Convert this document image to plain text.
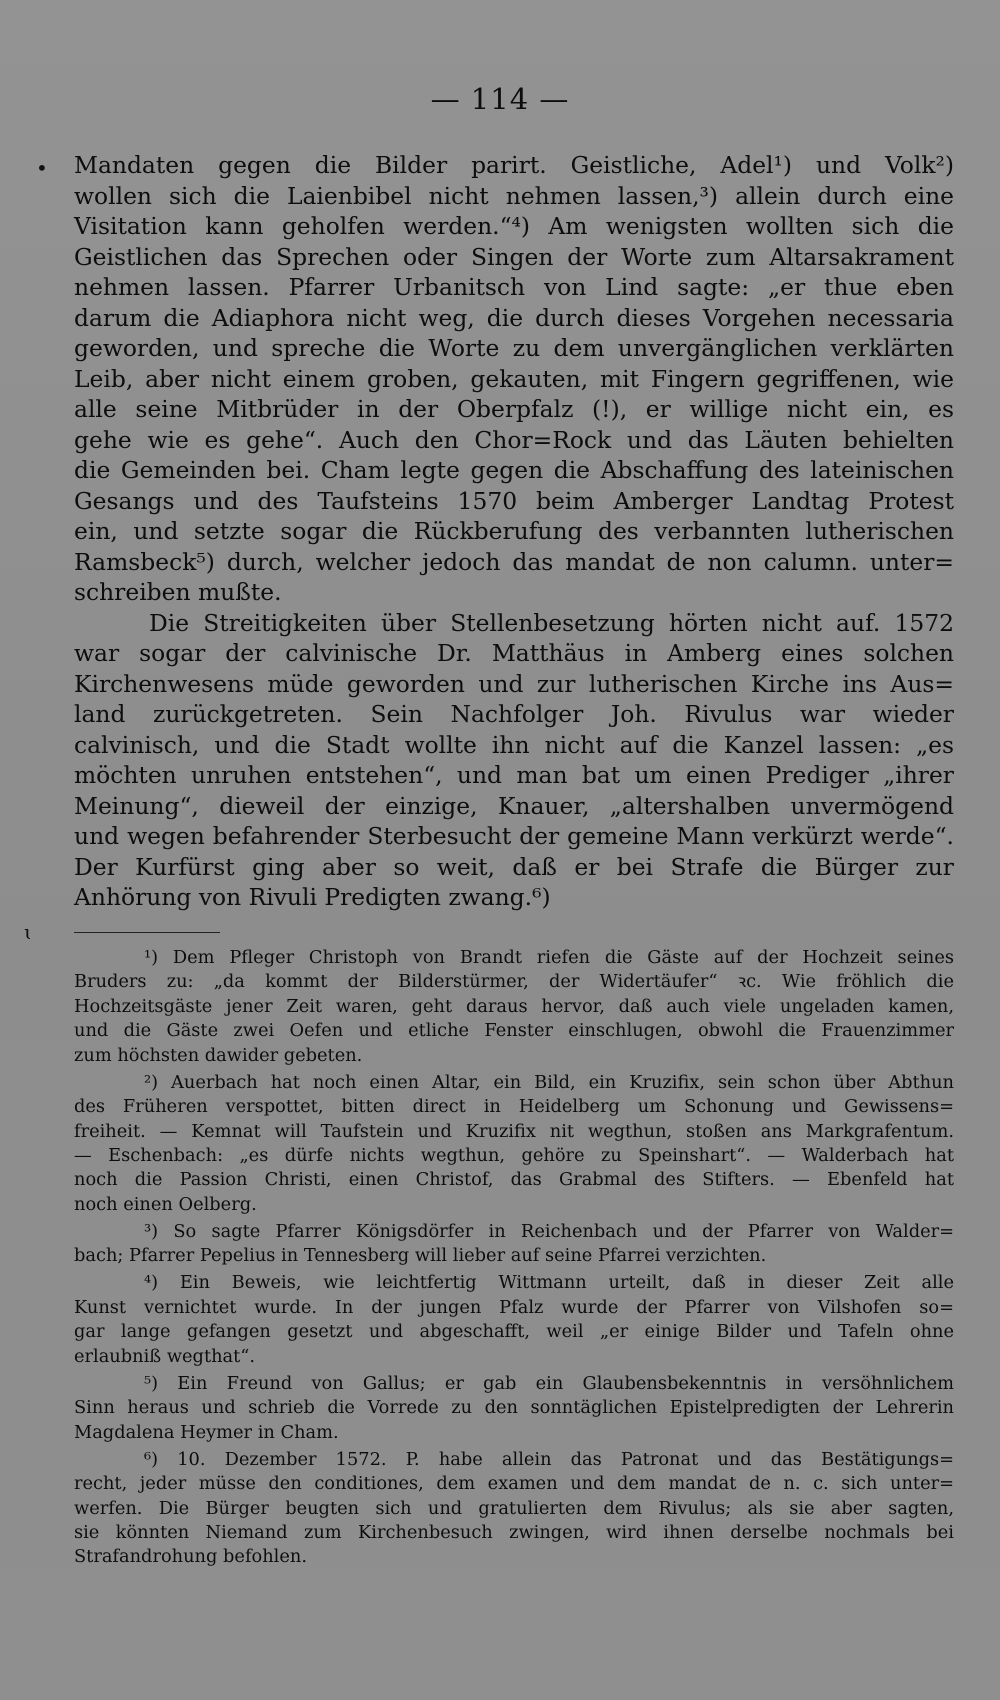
— 114 —
•
ɩ
Mandaten gegen die Bilder parirt. Geistliche, Adel¹) und Volk²)
wollen sich die Laienbibel nicht nehmen lassen,³) allein durch eine
Visitation kann geholfen werden.“⁴) Am wenigsten wollten sich die
Geistlichen das Sprechen oder Singen der Worte zum Altarsakrament
nehmen lassen. Pfarrer Urbanitsch von Lind sagte: „er thue eben
darum die Adiaphora nicht weg, die durch dieses Vorgehen necessaria
geworden, und spreche die Worte zu dem unvergänglichen verklärten
Leib, aber nicht einem groben, gekauten, mit Fingern gegriffenen, wie
alle seine Mitbrüder in der Oberpfalz (!), er willige nicht ein, es
gehe wie es gehe“. Auch den Chor=Rock und das Läuten behielten
die Gemeinden bei. Cham legte gegen die Abschaffung des lateinischen
Gesangs und des Taufsteins 1570 beim Amberger Landtag Protest
ein, und setzte sogar die Rückberufung des verbannten lutherischen
Ramsbeck⁵) durch, welcher jedoch das mandat de non calumn. unter=
schreiben mußte.
Die Streitigkeiten über Stellenbesetzung hörten nicht auf. 1572
war sogar der calvinische Dr. Matthäus in Amberg eines solchen
Kirchenwesens müde geworden und zur lutherischen Kirche ins Aus=
land zurückgetreten. Sein Nachfolger Joh. Rivulus war wieder
calvinisch, und die Stadt wollte ihn nicht auf die Kanzel lassen: „es
möchten unruhen entstehen“, und man bat um einen Prediger „ihrer
Meinung“, dieweil der einzige, Knauer, „altershalben unvermögend
und wegen befahrender Sterbesucht der gemeine Mann verkürzt werde“.
Der Kurfürst ging aber so weit, daß er bei Strafe die Bürger zur
Anhörung von Rivuli Predigten zwang.⁶)
¹) Dem Pfleger Christoph von Brandt riefen die Gäste auf der Hochzeit seines
Bruders zu: „da kommt der Bilderstürmer, der Widertäufer“ ꝛc. Wie fröhlich die
Hochzeitsgäste jener Zeit waren, geht daraus hervor, daß auch viele ungeladen kamen,
und die Gäste zwei Oefen und etliche Fenster einschlugen, obwohl die Frauenzimmer
zum höchsten dawider gebeten.
²) Auerbach hat noch einen Altar, ein Bild, ein Kruzifix, sein schon über Abthun
des Früheren verspottet, bitten direct in Heidelberg um Schonung und Gewissens=
freiheit. — Kemnat will Taufstein und Kruzifix nit wegthun, stoßen ans Markgrafentum.
— Eschenbach: „es dürfe nichts wegthun, gehöre zu Speinshart“. — Walderbach hat
noch die Passion Christi, einen Christof, das Grabmal des Stifters. — Ebenfeld hat
noch einen Oelberg.
³) So sagte Pfarrer Königsdörfer in Reichenbach und der Pfarrer von Walder=
bach; Pfarrer Pepelius in Tennesberg will lieber auf seine Pfarrei verzichten.
⁴) Ein Beweis, wie leichtfertig Wittmann urteilt, daß in dieser Zeit alle
Kunst vernichtet wurde. In der jungen Pfalz wurde der Pfarrer von Vilshofen so=
gar lange gefangen gesetzt und abgeschafft, weil „er einige Bilder und Tafeln ohne
erlaubniß wegthat“.
⁵) Ein Freund von Gallus; er gab ein Glaubensbekenntnis in versöhnlichem
Sinn heraus und schrieb die Vorrede zu den sonntäglichen Epistelpredigten der Lehrerin
Magdalena Heymer in Cham.
⁶) 10. Dezember 1572. P. habe allein das Patronat und das Bestätigungs=
recht, jeder müsse den conditiones, dem examen und dem mandat de n. c. sich unter=
werfen. Die Bürger beugten sich und gratulierten dem Rivulus; als sie aber sagten,
sie könnten Niemand zum Kirchenbesuch zwingen, wird ihnen derselbe nochmals bei
Strafandrohung befohlen.
